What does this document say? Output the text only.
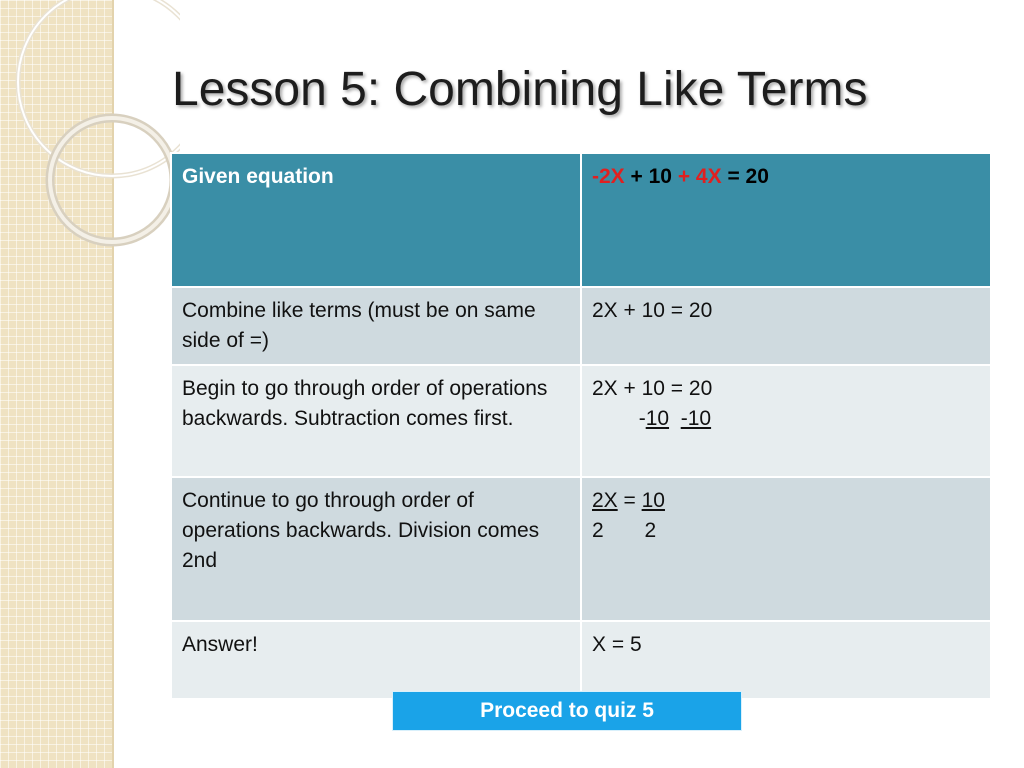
Lesson 5: Combining Like Terms
Given equation	-2X + 10 + 4X = 20
Combine like terms (must be on same side of =)	2X + 10 = 20
Begin to go through order of operations backwards. Subtraction comes first.	2X + 10 = 20
-10 -10

Continue to go through order of operations backwards. Division comes 2nd	2X = 10
2 2

Answer!	X = 5
Proceed to quiz 5
